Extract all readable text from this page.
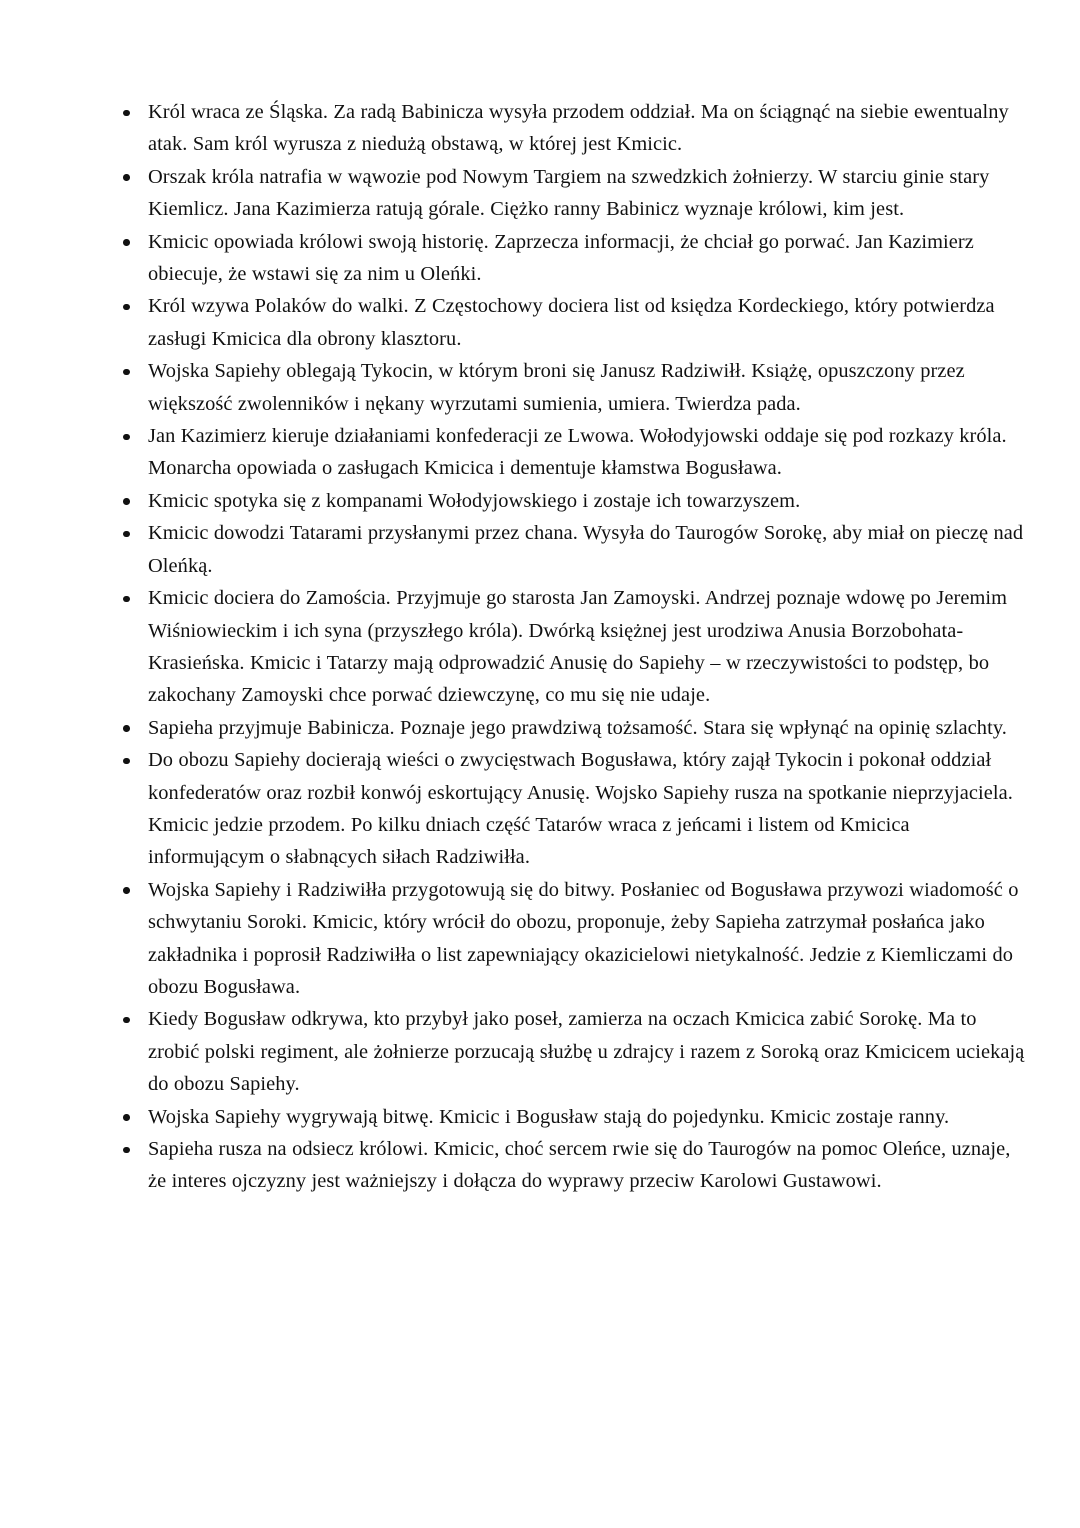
Król wraca ze Śląska. Za radą Babinicza wysyła przodem oddział. Ma on ściągnąć na siebie ewentualny atak. Sam król wyrusza z niedużą obstawą, w której jest Kmicic.
Orszak króla natrafia w wąwozie pod Nowym Targiem na szwedzkich żołnierzy. W starciu ginie stary Kiemlicz. Jana Kazimierza ratują górale. Ciężko ranny Babinicz wyznaje królowi, kim jest.
Kmicic opowiada królowi swoją historię. Zaprzecza informacji, że chciał go porwać. Jan Kazimierz obiecuje, że wstawi się za nim u Oleńki.
Król wzywa Polaków do walki. Z Częstochowy dociera list od księdza Kordeckiego, który potwierdza zasługi Kmicica dla obrony klasztoru.
Wojska Sapiehy oblegają Tykocin, w którym broni się Janusz Radziwiłł. Książę, opuszczony przez większość zwolenników i nękany wyrzutami sumienia, umiera. Twierdza pada.
Jan Kazimierz kieruje działaniami konfederacji ze Lwowa. Wołodyjowski oddaje się pod rozkazy króla. Monarcha opowiada o zasługach Kmicica i dementuje kłamstwa Bogusława.
Kmicic spotyka się z kompanami Wołodyjowskiego i zostaje ich towarzyszem.
Kmicic dowodzi Tatarami przysłanymi przez chana. Wysyła do Taurogów Sorokę, aby miał on pieczę nad Oleńką.
Kmicic dociera do Zamościa. Przyjmuje go starosta Jan Zamoyski. Andrzej poznaje wdowę po Jeremim Wiśniowieckim i ich syna (przyszłego króla). Dwórką księżnej jest urodziwa Anusia Borzobohata-Krasieńska. Kmicic i Tatarzy mają odprowadzić Anusię do Sapiehy – w rzeczywistości to podstęp, bo zakochany Zamoyski chce porwać dziewczynę, co mu się nie udaje.
Sapieha przyjmuje Babinicza. Poznaje jego prawdziwą tożsamość. Stara się wpłynąć na opinię szlachty.
Do obozu Sapiehy docierają wieści o zwycięstwach Bogusława, który zajął Tykocin i pokonał oddział konfederatów oraz rozbił konwój eskortujący Anusię. Wojsko Sapiehy rusza na spotkanie nieprzyjaciela. Kmicic jedzie przodem. Po kilku dniach część Tatarów wraca z jeńcami i listem od Kmicica informującym o słabnących siłach Radziwiłła.
Wojska Sapiehy i Radziwiłła przygotowują się do bitwy. Posłaniec od Bogusława przywozi wiadomość o schwytaniu Soroki. Kmicic, który wrócił do obozu, proponuje, żeby Sapieha zatrzymał posłańca jako zakładnika i poprosił Radziwiłła o list zapewniający okazicielowi nietykalność. Jedzie z Kiemliczami do obozu Bogusława.
Kiedy Bogusław odkrywa, kto przybył jako poseł, zamierza na oczach Kmicica zabić Sorokę. Ma to zrobić polski regiment, ale żołnierze porzucają służbę u zdrajcy i razem z Soroką oraz Kmicicem uciekają do obozu Sapiehy.
Wojska Sapiehy wygrywają bitwę. Kmicic i Bogusław stają do pojedynku. Kmicic zostaje ranny.
Sapieha rusza na odsiecz królowi. Kmicic, choć sercem rwie się do Taurogów na pomoc Oleńce, uznaje, że interes ojczyzny jest ważniejszy i dołącza do wyprawy przeciw Karolowi Gustawowi.
